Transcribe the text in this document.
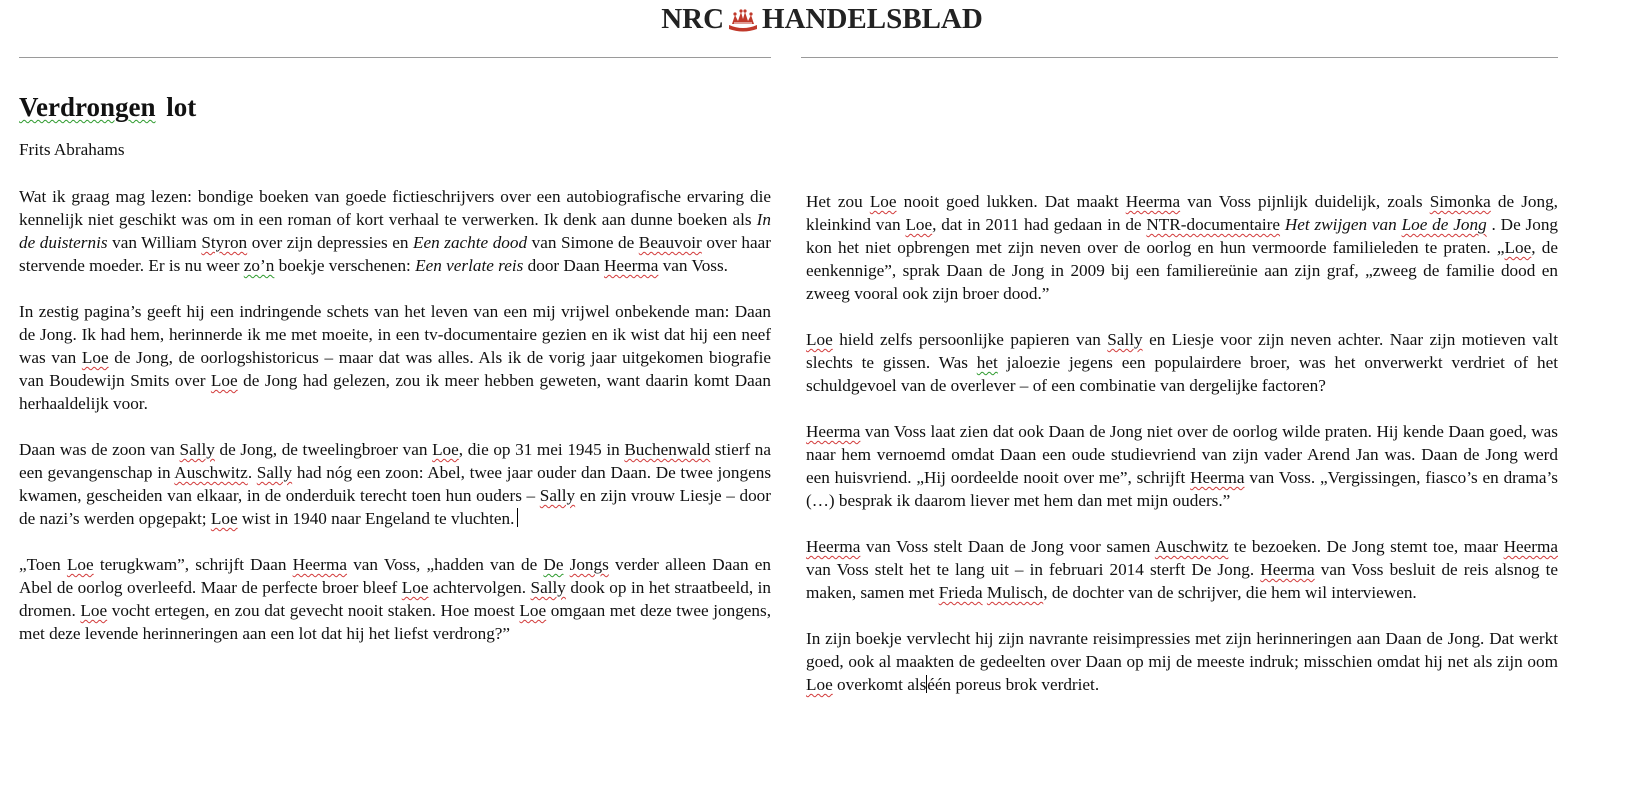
NRC HANDELSBLAD
Verdrongen lot
Frits Abrahams

Wat ik graag mag lezen: bondige boeken van goede fictieschrijvers over een autobiografische ervaring die kennelijk niet geschikt was om in een roman of kort verhaal te verwerken. Ik denk aan dunne boeken als In de duisternis van William Styron over zijn depressies en Een zachte dood van Simone de Beauvoir over haar stervende moeder. Er is nu weer zo’n boekje verschenen: Een verlate reis door Daan Heerma van Voss.

In zestig pagina’s geeft hij een indringende schets van het leven van een mij vrijwel onbekende man: Daan de Jong. Ik had hem, herinnerde ik me met moeite, in een tv-documentaire gezien en ik wist dat hij een neef was van Loe de Jong, de oorlogshistoricus – maar dat was alles. Als ik de vorig jaar uitgekomen biografie van Boudewijn Smits over Loe de Jong had gelezen, zou ik meer hebben geweten, want daarin komt Daan herhaaldelijk voor.

Daan was de zoon van Sally de Jong, de tweelingbroer van Loe, die op 31 mei 1945 in Buchenwald stierf na een gevangenschap in Auschwitz. Sally had nóg een zoon: Abel, twee jaar ouder dan Daan. De twee jongens kwamen, gescheiden van elkaar, in de onderduik terecht toen hun ouders – Sally en zijn vrouw Liesje – door de nazi’s werden opgepakt; Loe wist in 1940 naar Engeland te vluchten.

„Toen Loe terugkwam”, schrijft Daan Heerma van Voss, „hadden van de De Jongs verder alleen Daan en Abel de oorlog overleefd. Maar de perfecte broer bleef Loe achtervolgen. Sally dook op in het straatbeeld, in dromen. Loe vocht ertegen, en zou dat gevecht nooit staken. Hoe moest Loe omgaan met deze twee jongens, met deze levende herinneringen aan een lot dat hij het liefst verdrong?”

Het zou Loe nooit goed lukken. Dat maakt Heerma van Voss pijnlijk duidelijk, zoals Simonka de Jong, kleinkind van Loe, dat in 2011 had gedaan in de NTR-documentaire Het zwijgen van Loe de Jong . De Jong kon het niet opbrengen met zijn neven over de oorlog en hun vermoorde familieleden te praten. „Loe, de eenkennige”, sprak Daan de Jong in 2009 bij een familiereünie aan zijn graf, „zweeg de familie dood en zweeg vooral ook zijn broer dood.”

Loe hield zelfs persoonlijke papieren van Sally en Liesje voor zijn neven achter. Naar zijn motieven valt slechts te gissen. Was het jaloezie jegens een populairdere broer, was het onverwerkt verdriet of het schuldgevoel van de overlever – of een combinatie van dergelijke factoren?

Heerma van Voss laat zien dat ook Daan de Jong niet over de oorlog wilde praten. Hij kende Daan goed, was naar hem vernoemd omdat Daan een oude studievriend van zijn vader Arend Jan was. Daan de Jong werd een huisvriend. „Hij oordeelde nooit over me”, schrijft Heerma van Voss. „Vergissingen, fiasco’s en drama’s (…) besprak ik daarom liever met hem dan met mijn ouders.”

Heerma van Voss stelt Daan de Jong voor samen Auschwitz te bezoeken. De Jong stemt toe, maar Heerma van Voss stelt het te lang uit – in februari 2014 sterft De Jong. Heerma van Voss besluit de reis alsnog te maken, samen met Frieda Mulisch, de dochter van de schrijver, die hem wil interviewen.

In zijn boekje vervlecht hij zijn navrante reisimpressies met zijn herinneringen aan Daan de Jong. Dat werkt goed, ook al maakten de gedeelten over Daan op mij de meeste indruk; misschien omdat hij net als zijn oom Loe overkomt alséén poreus brok verdriet.
